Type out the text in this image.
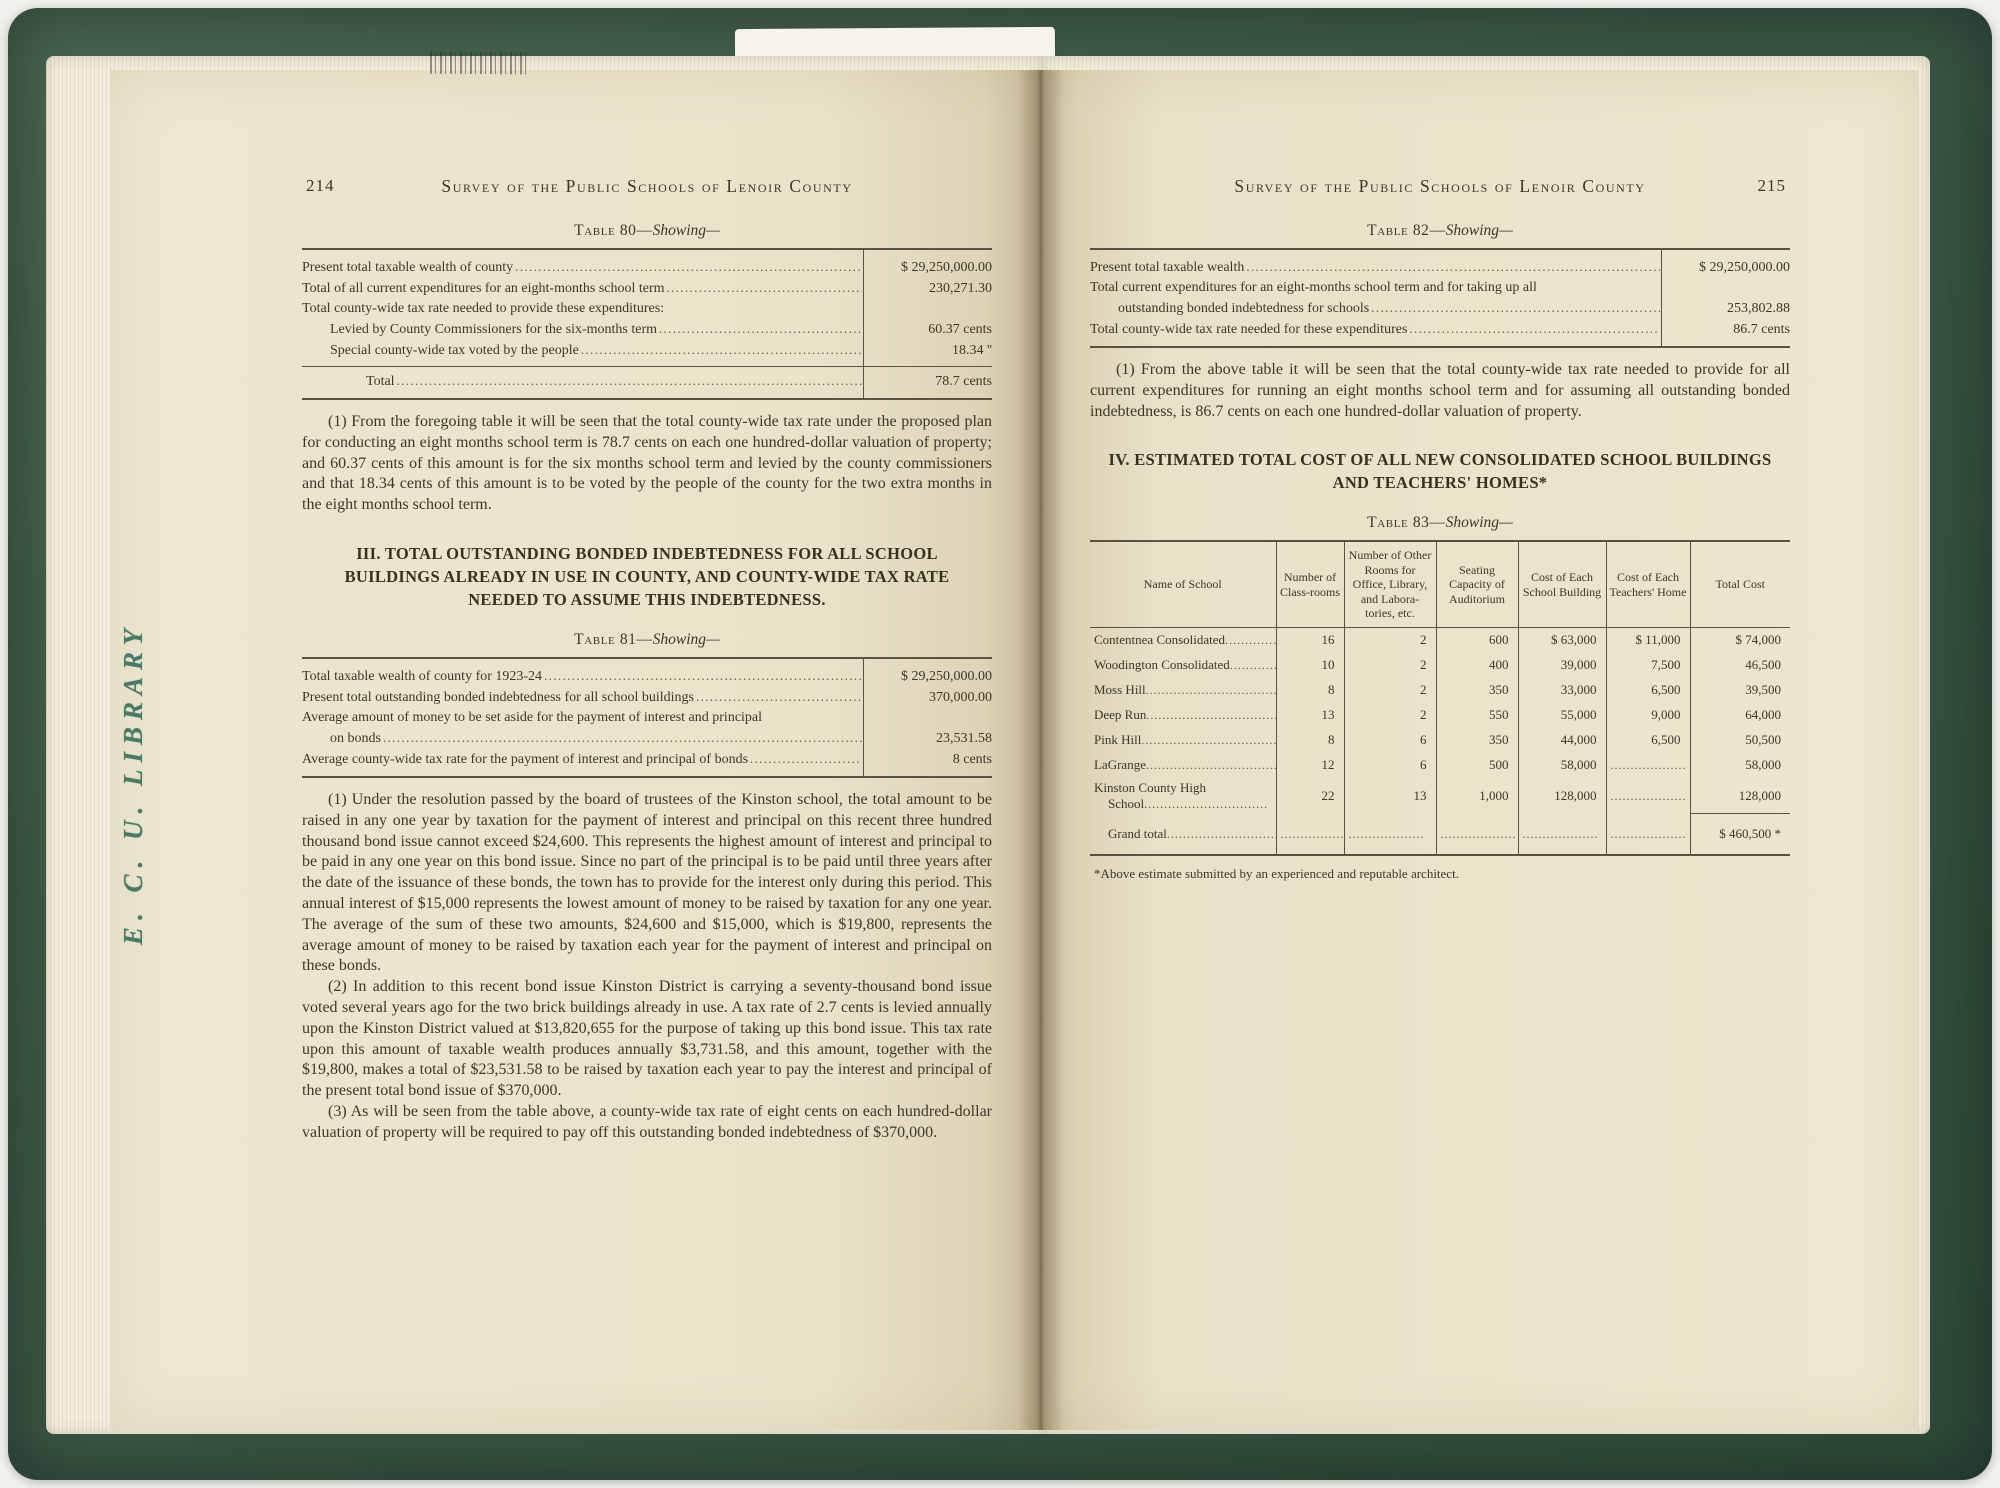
E. C. U. LIBRARY
214	Survey of the Public Schools of Lenoir County
Table 80—Showing—
Present total taxable wealth of county .....	$ 29,250,000.00
Total of all current expenditures for an eight-months school term .....	230,271.30
Total county-wide tax rate needed to provide these expenditures:
Levied by County Commissioners for the six-months term .....	60.37 cents
Special county-wide tax voted by the people .....	18.34 ''
Total .....	78.7 cents

(1) From the foregoing table it will be seen that the total county-wide tax rate under the proposed plan for conducting an eight months school term is 78.7 cents on each one hundred-dollar valuation of property; and 60.37 cents of this amount is for the six months school term and levied by the county commissioners and that 18.34 cents of this amount is to be voted by the people of the county for the two extra months in the eight months school term.

III. TOTAL OUTSTANDING BONDED INDEBTEDNESS FOR ALL SCHOOL BUILDINGS ALREADY IN USE IN COUNTY, AND COUNTY-WIDE TAX RATE NEEDED TO ASSUME THIS INDEBTEDNESS.
Table 81—Showing—
Total taxable wealth of county for 1923-24 .....	$ 29,250,000.00
Present total outstanding bonded indebtedness for all school buildings .....	370,000.00
Average amount of money to be set aside for the payment of interest and principal
on bonds .....	23,531.58
Average county-wide tax rate for the payment of interest and principal of bonds .....	8 cents

(1) Under the resolution passed by the board of trustees of the Kinston school, the total amount to be raised in any one year by taxation for the payment of interest and principal on this recent three hundred thousand bond issue cannot exceed $24,600. This represents the highest amount of interest and principal to be paid in any one year on this bond issue. Since no part of the principal is to be paid until three years after the date of the issuance of these bonds, the town has to provide for the interest only during this period. This annual interest of $15,000 represents the lowest amount of money to be raised by taxation for any one year. The average of the sum of these two amounts, $24,600 and $15,000, which is $19,800, represents the average amount of money to be raised by taxation each year for the payment of interest and principal on these bonds.

(2) In addition to this recent bond issue Kinston District is carrying a seventy-thousand bond issue voted several years ago for the two brick buildings already in use. A tax rate of 2.7 cents is levied annually upon the Kinston District valued at $13,820,655 for the purpose of taking up this bond issue. This tax rate upon this amount of taxable wealth produces annually $3,731.58, and this amount, together with the $19,800, makes a total of $23,531.58 to be raised by taxation each year to pay the interest and principal of the present total bond issue of $370,000.

(3) As will be seen from the table above, a county-wide tax rate of eight cents on each hundred-dollar valuation of property will be required to pay off this outstanding bonded indebtedness of $370,000.

Survey of the Public Schools of Lenoir County	215
Table 82—Showing—
Present total taxable wealth .....	$ 29,250,000.00
Total current expenditures for an eight-months school term and for taking up all
outstanding bonded indebtedness for schools .....	253,802.88
Total county-wide tax rate needed for these expenditures .....	86.7 cents

(1) From the above table it will be seen that the total county-wide tax rate needed to provide for all current expenditures for running an eight months school term and for assuming all outstanding bonded indebtedness, is 86.7 cents on each one hundred-dollar valuation of property.

IV. ESTIMATED TOTAL COST OF ALL NEW CONSOLIDATED SCHOOL BUILDINGS AND TEACHERS' HOMES*
Table 83—Showing—
Name of School	Number of Class-rooms	Number of Other Rooms for Office, Library, and Labora-tories, etc.	Seating Capacity of Auditorium	Cost of Each School Building	Cost of Each Teachers' Home	Total Cost
Contentnea Consolidated.....	16	2	600	$ 63,000	$ 11,000	$ 74,000
Woodington Consolidated.....	10	2	400	39,000	7,500	46,500
Moss Hill.....	8	2	350	33,000	6,500	39,500
Deep Run.....	13	2	550	55,000	9,000	64,000
Pink Hill.....	8	6	350	44,000	6,500	50,500
LaGrange.....	12	6	500	58,000	.....	58,000

Kinston County High
School.....	22	13	1,000	128,000	.....	128,000
Grand total.....	.....	.....	.....	.....	.....	$ 460,500 *
*Above estimate submitted by an experienced and reputable architect.
